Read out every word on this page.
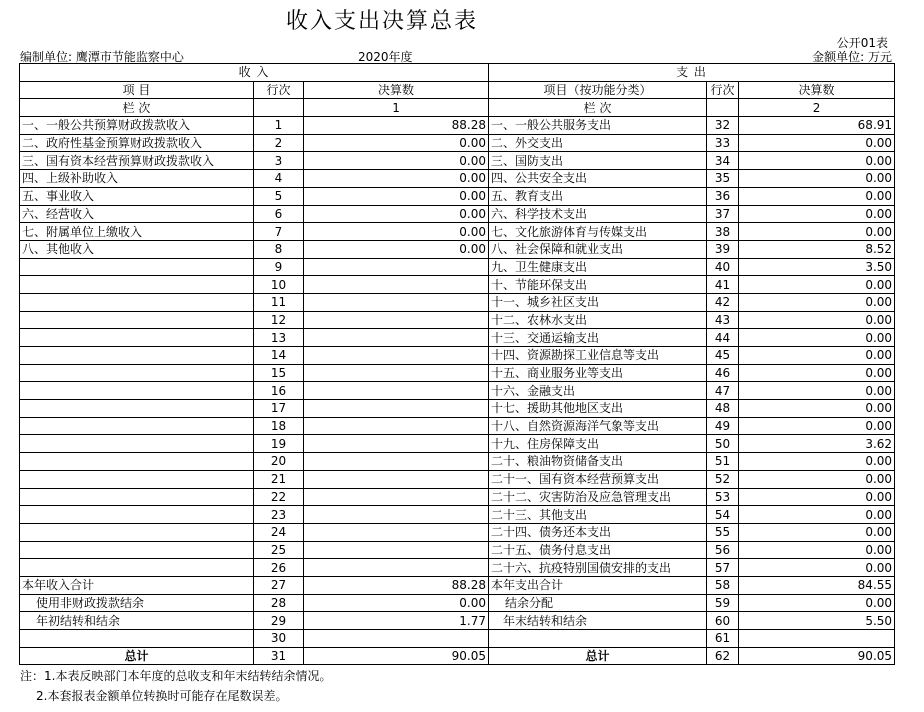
收入支出决算总表
公开01表
编制单位: 鹰潭市节能监察中心	2020年度	金额单位: 万元
收 入			支 出		
项 目	行次	决算数	项目（按功能分类）	行次	决算数
栏 次		1	栏 次		2
一、一般公共预算财政拨款收入	1	88.28	一、一般公共服务支出	32	68.91
二、政府性基金预算财政拨款收入	2	0.00	二、外交支出	33	0.00
三、国有资本经营预算财政拨款收入	3	0.00	三、国防支出	34	0.00
四、上级补助收入	4	0.00	四、公共安全支出	35	0.00
五、事业收入	5	0.00	五、教育支出	36	0.00
六、经营收入	6	0.00	六、科学技术支出	37	0.00
七、附属单位上缴收入	7	0.00	七、文化旅游体育与传媒支出	38	0.00
八、其他收入	8	0.00	八、社会保障和就业支出	39	8.52
	9		九、卫生健康支出	40	3.50
	10		十、节能环保支出	41	0.00
	11		十一、城乡社区支出	42	0.00
	12		十二、农林水支出	43	0.00
	13		十三、交通运输支出	44	0.00
	14		十四、资源勘探工业信息等支出	45	0.00
	15		十五、商业服务业等支出	46	0.00
	16		十六、金融支出	47	0.00
	17		十七、援助其他地区支出	48	0.00
	18		十八、自然资源海洋气象等支出	49	0.00
	19		十九、住房保障支出	50	3.62
	20		二十、粮油物资储备支出	51	0.00
	21		二十一、国有资本经营预算支出	52	0.00
	22		二十二、灾害防治及应急管理支出	53	0.00
	23		二十三、其他支出	54	0.00
	24		二十四、债务还本支出	55	0.00
	25		二十五、债务付息支出	56	0.00
	26		二十六、抗疫特别国债安排的支出	57	0.00
本年收入合计	27	88.28	本年支出合计	58	84.55
使用非财政拨款结余	28	0.00	结余分配	59	0.00
年初结转和结余	29	1.77	年末结转和结余	60	5.50
	30			61	
总计	31	90.05	总计	62	90.05
注：1.本表反映部门本年度的总收支和年末结转结余情况。
2.本套报表金额单位转换时可能存在尾数误差。
